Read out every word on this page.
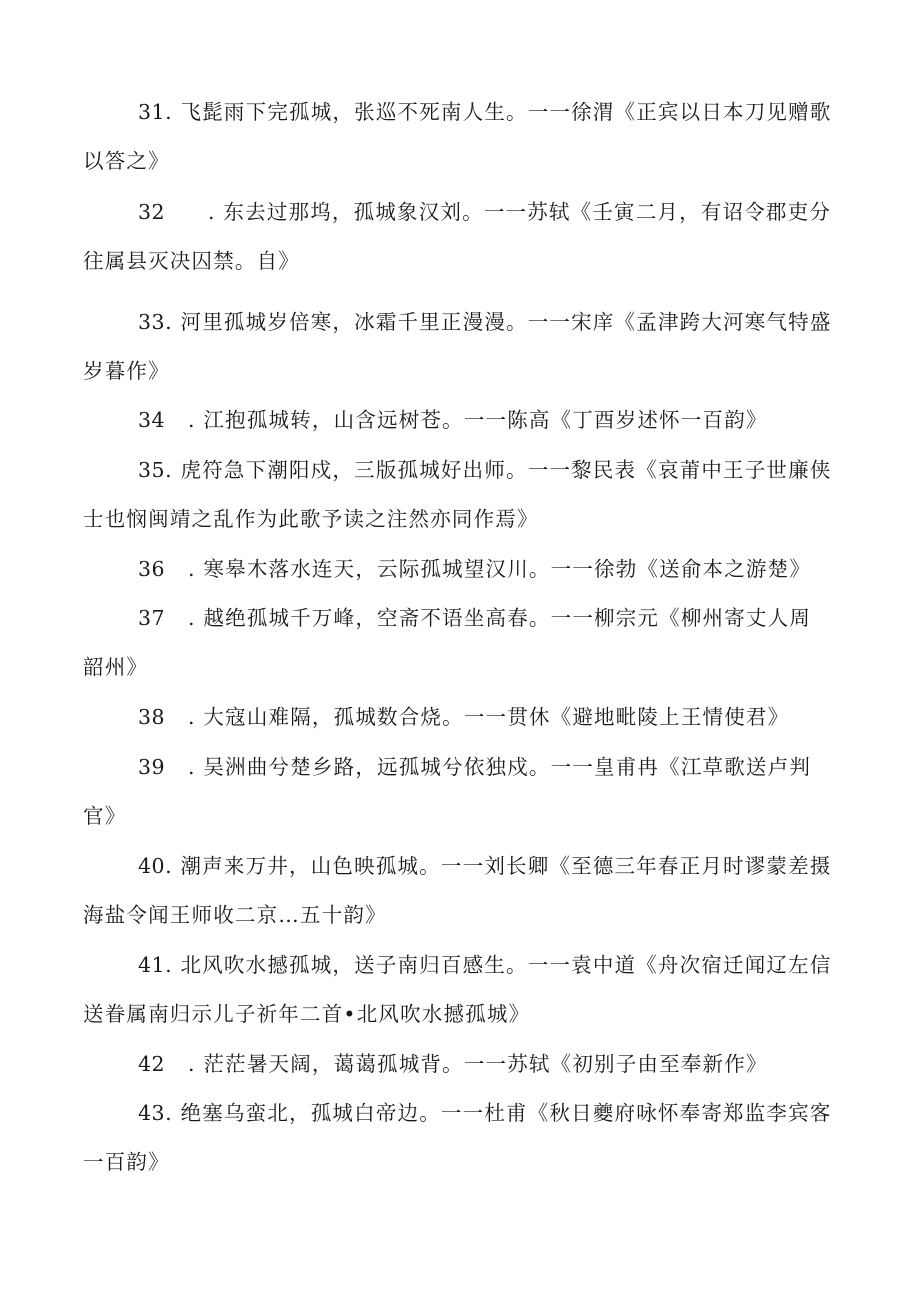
31. 飞髭雨下完孤城，张巡不死南人生。一一徐渭《正宾以日本刀见赠歌
以答之》
32 . 东去过那坞，孤城象汉刘。一一苏轼《壬寅二月，有诏令郡吏分
往属县灭决囚禁。自》
33. 河里孤城岁倍寒，冰霜千里正漫漫。一一宋庠《孟津跨大河寒气特盛
岁暮作》
34 . 江抱孤城转，山含远树苍。一一陈高《丁酉岁述怀一百韵》
35. 虎符急下潮阳戍，三版孤城好出师。一一黎民表《哀莆中王子世廉侠
士也悯闽靖之乱作为此歌予读之注然亦同作焉》
36 . 寒皋木落水连天，云际孤城望汉川。一一徐勃《送俞本之游楚》
37 . 越绝孤城千万峰，空斋不语坐高春。一一柳宗元《柳州寄丈人周
韶州》
38 . 大寇山难隔，孤城数合烧。一一贯休《避地毗陵上王情使君》
39 . 吴洲曲兮楚乡路，远孤城兮依独戍。一一皇甫冉《江草歌送卢判
官》
40. 潮声来万井，山色映孤城。一一刘长卿《至德三年春正月时谬蒙差摄
海盐令闻王师收二京…五十韵》
41. 北风吹水撼孤城，送子南归百感生。一一袁中道《舟次宿迁闻辽左信
送眷属南归示儿子祈年二首•北风吹水撼孤城》
42 . 茫茫暑天阔，蔼蔼孤城背。一一苏轼《初别子由至奉新作》
43. 绝塞乌蛮北，孤城白帝边。一一杜甫《秋日夔府咏怀奉寄郑监李宾客
一百韵》
